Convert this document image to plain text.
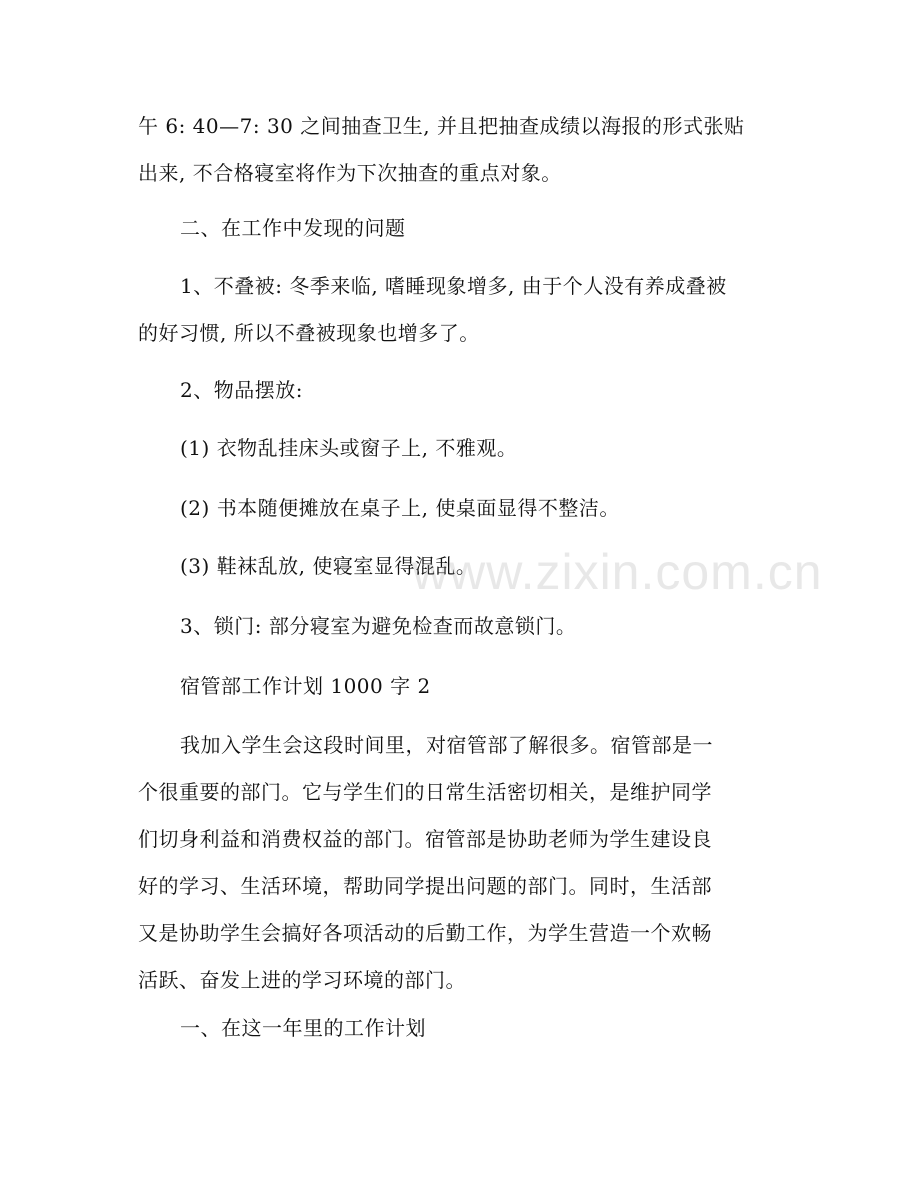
午 6: 40—7: 30 之间抽查卫生, 并且把抽查成绩以海报的形式张贴
出来, 不合格寝室将作为下次抽查的重点对象。

二、在工作中发现的问题

1、不叠被: 冬季来临, 嗜睡现象增多, 由于个人没有养成叠被
的好习惯, 所以不叠被现象也增多了。

2、物品摆放:

(1) 衣物乱挂床头或窗子上, 不雅观。

(2) 书本随便摊放在桌子上, 使桌面显得不整洁。

(3) 鞋袜乱放, 使寝室显得混乱。

3、锁门: 部分寝室为避免检查而故意锁门。

宿管部工作计划 1000 字 2

我加入学生会这段时间里，对宿管部了解很多。宿管部是一
个很重要的部门。它与学生们的日常生活密切相关，是维护同学
们切身利益和消费权益的部门。宿管部是协助老师为学生建设良
好的学习、生活环境，帮助同学提出问题的部门。同时，生活部
又是协助学生会搞好各项活动的后勤工作，为学生营造一个欢畅
活跃、奋发上进的学习环境的部门。

一、在这一年里的工作计划

www.zixin.com.cn
